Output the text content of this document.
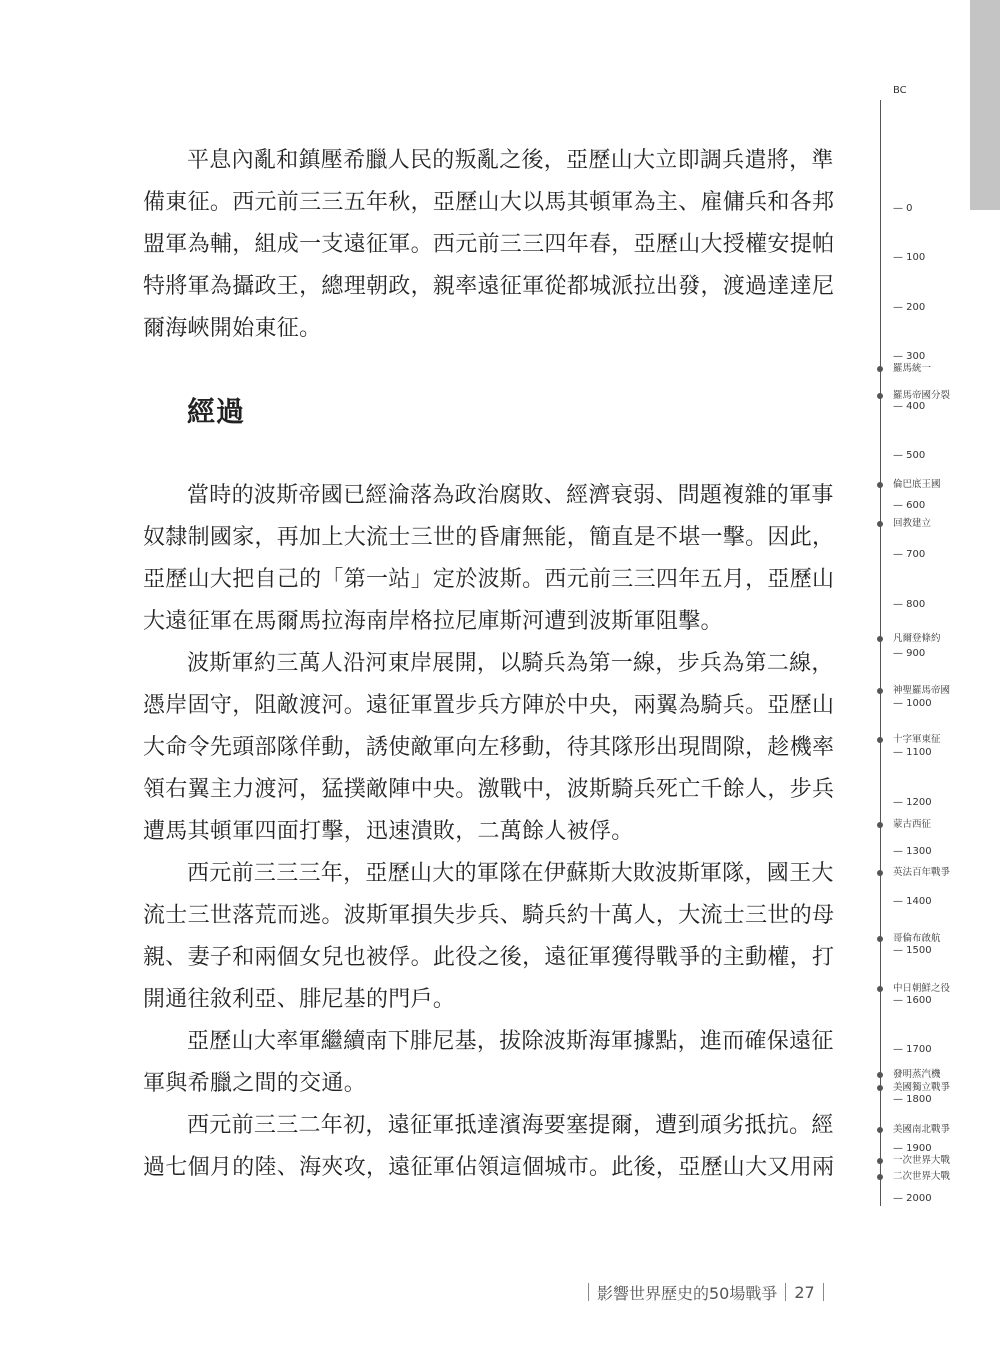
平息內亂和鎮壓希臘人民的叛亂之後，亞歷山大立即調兵遣將，準備東征。西元前三三五年秋，亞歷山大以馬其頓軍為主、雇傭兵和各邦盟軍為輔，組成一支遠征軍。西元前三三四年春，亞歷山大授權安提帕特將軍為攝政王，總理朝政，親率遠征軍從都城派拉出發，渡過達達尼爾海峽開始東征。

經過

當時的波斯帝國已經淪落為政治腐敗、經濟衰弱、問題複雜的軍事奴隸制國家，再加上大流士三世的昏庸無能，簡直是不堪一擊。因此，亞歷山大把自己的「第一站」定於波斯。西元前三三四年五月，亞歷山大遠征軍在馬爾馬拉海南岸格拉尼庫斯河遭到波斯軍阻擊。

波斯軍約三萬人沿河東岸展開，以騎兵為第一線，步兵為第二線，憑岸固守，阻敵渡河。遠征軍置步兵方陣於中央，兩翼為騎兵。亞歷山大命令先頭部隊佯動，誘使敵軍向左移動，待其隊形出現間隙，趁機率領右翼主力渡河，猛撲敵陣中央。激戰中，波斯騎兵死亡千餘人，步兵遭馬其頓軍四面打擊，迅速潰敗，二萬餘人被俘。

西元前三三三年，亞歷山大的軍隊在伊蘇斯大敗波斯軍隊，國王大流士三世落荒而逃。波斯軍損失步兵、騎兵約十萬人，大流士三世的母親、妻子和兩個女兒也被俘。此役之後，遠征軍獲得戰爭的主動權，打開通往敘利亞、腓尼基的門戶。

亞歷山大率軍繼續南下腓尼基，拔除波斯海軍據點，進而確保遠征軍與希臘之間的交通。

西元前三三二年初，遠征軍抵達濱海要塞提爾，遭到頑劣抵抗。經過七個月的陸、海夾攻，遠征軍佔領這個城市。此後，亞歷山大又用兩

BC
— 0
— 100
— 200
— 300
— 400
— 500
— 600
— 700
— 800
— 900
— 1000
— 1100
— 1200
— 1300
— 1400
— 1500
— 1600
— 1700
— 1800
— 1900
— 2000
羅馬統一
羅馬帝國分裂
倫巴底王國
回教建立
凡爾登條約
神聖羅馬帝國
十字軍東征
蒙古西征
英法百年戰爭
哥倫布啟航
中日朝鮮之役
發明蒸汽機
美國獨立戰爭
美國南北戰爭
一次世界大戰
二次世界大戰
影響世界歷史的50場戰爭 27
